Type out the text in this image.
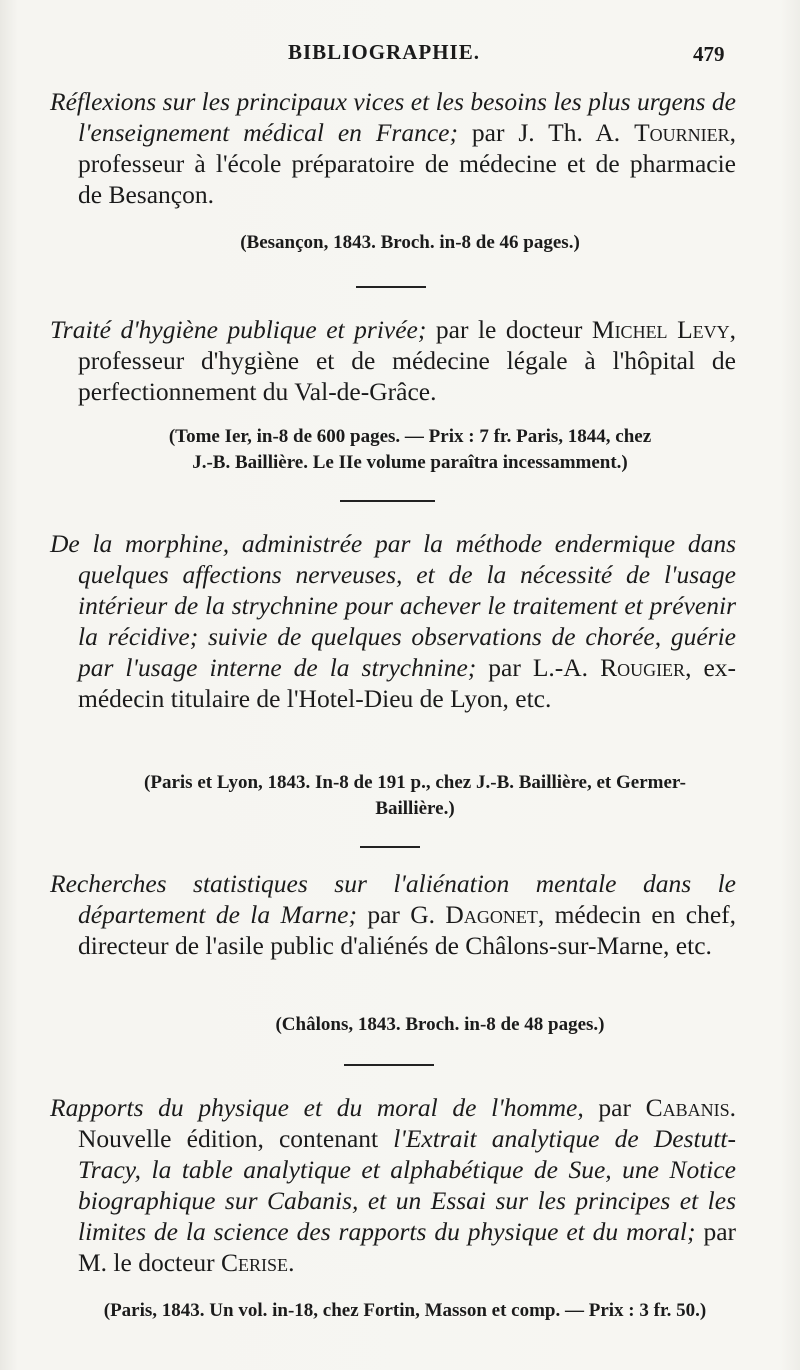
BIBLIOGRAPHIE.	479
Réflexions sur les principaux vices et les besoins les plus urgens de l'enseignement médical en France; par J. Th. A. Tournier, professeur à l'école préparatoire de médecine et de pharmacie de Besançon.
(Besançon, 1843. Broch. in-8 de 46 pages.)
Traité d'hygiène publique et privée; par le docteur Michel Levy, professeur d'hygiène et de médecine légale à l'hôpital de perfectionnement du Val-de-Grâce.
(Tome Ier, in-8 de 600 pages. — Prix : 7 fr. Paris, 1844, chez
J.-B. Baillière. Le IIe volume paraîtra incessamment.)
De la morphine, administrée par la méthode endermique dans quelques affections nerveuses, et de la nécessité de l'usage intérieur de la strychnine pour achever le traitement et prévenir la récidive; suivie de quelques observations de chorée, guérie par l'usage interne de la strychnine; par L.-A. Rougier, ex-médecin titulaire de l'Hotel-Dieu de Lyon, etc.
(Paris et Lyon, 1843. In-8 de 191 p., chez J.-B. Baillière, et Germer-
Baillière.)
Recherches statistiques sur l'aliénation mentale dans le département de la Marne; par G. Dagonet, médecin en chef, directeur de l'asile public d'aliénés de Châlons-sur-Marne, etc.
(Châlons, 1843. Broch. in-8 de 48 pages.)
Rapports du physique et du moral de l'homme, par Cabanis. Nouvelle édition, contenant l'Extrait analytique de Destutt-Tracy, la table analytique et alphabétique de Sue, une Notice biographique sur Cabanis, et un Essai sur les principes et les limites de la science des rapports du physique et du moral; par M. le docteur Cerise.
(Paris, 1843. Un vol. in-18, chez Fortin, Masson et comp. — Prix : 3 fr. 50.)
